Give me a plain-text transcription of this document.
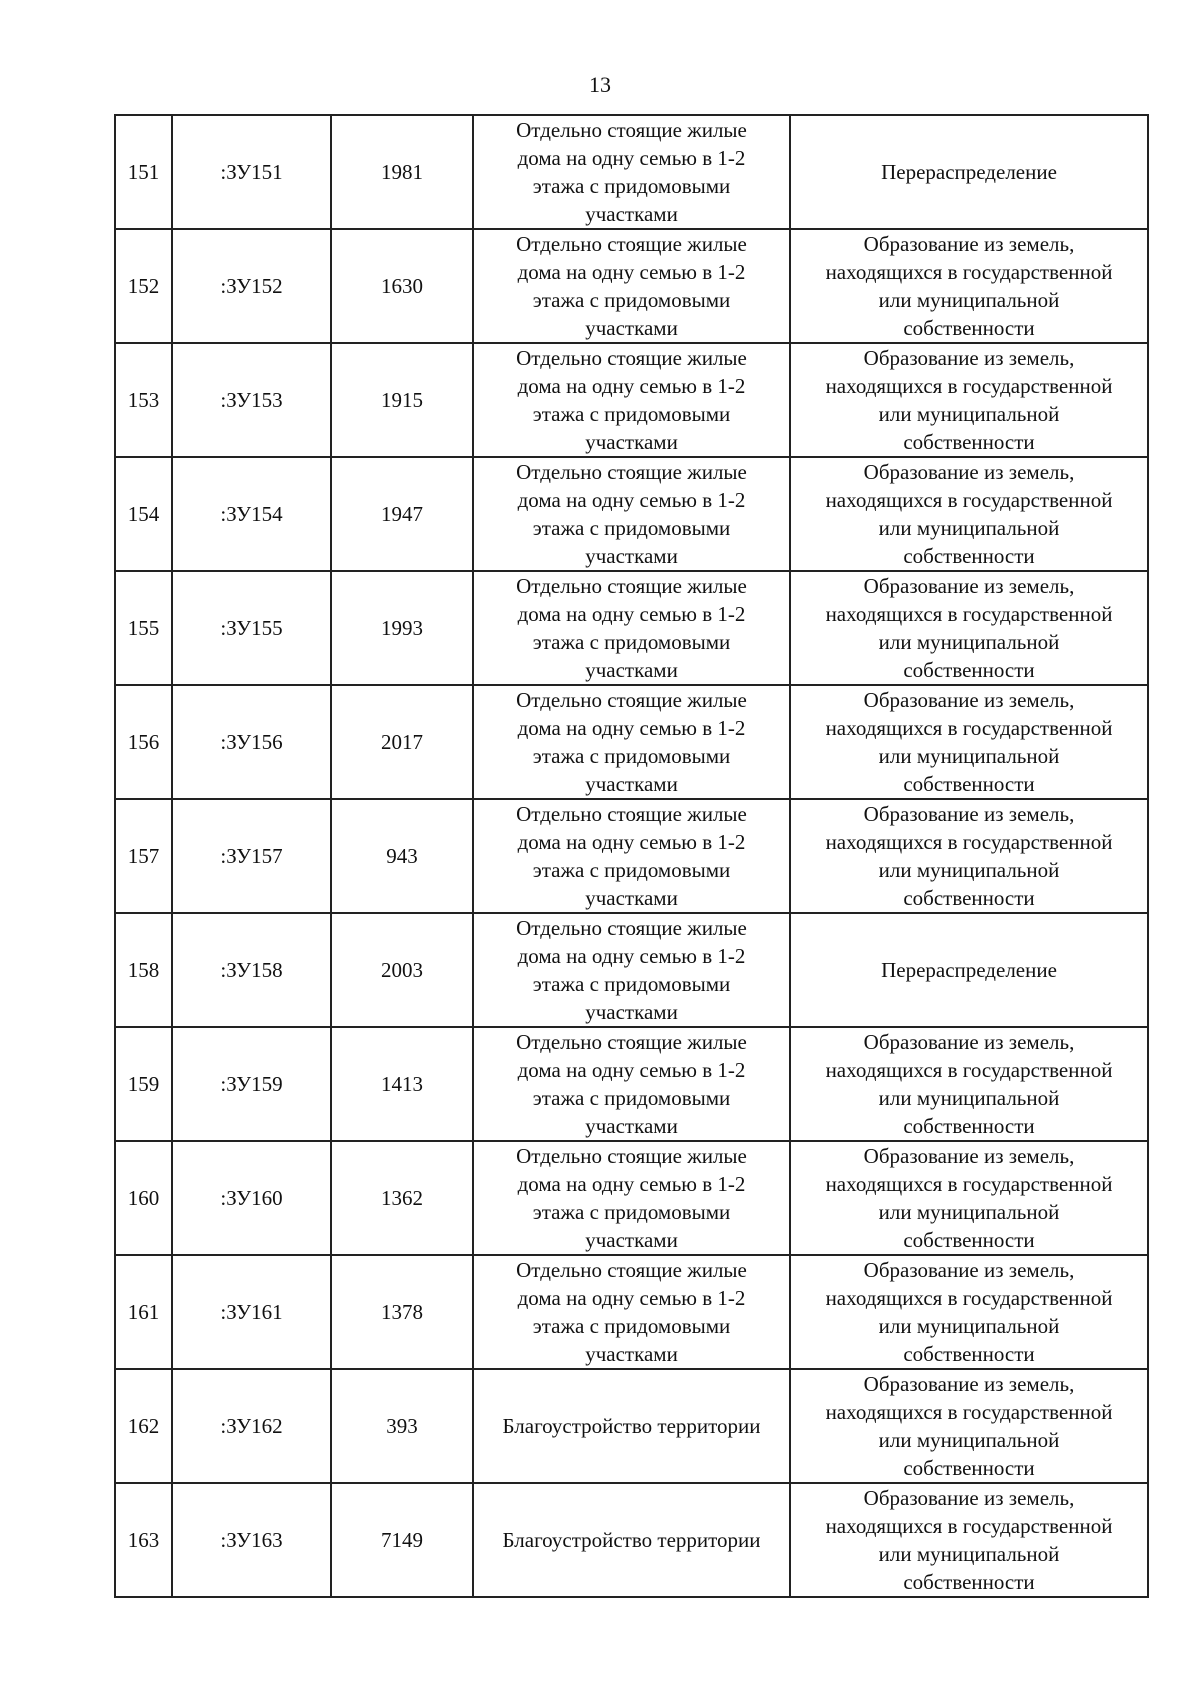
13
151	:ЗУ151	1981	Отдельно стоящие жилые
дома на одну семью в 1-2
этажа с придомовыми
участками	Перераспределение

152	:ЗУ152	1630	Отдельно стоящие жилые
дома на одну семью в 1-2
этажа с придомовыми
участками	Образование из земель,
находящихся в государственной
или муниципальной
собственности

153	:ЗУ153	1915	Отдельно стоящие жилые
дома на одну семью в 1-2
этажа с придомовыми
участками	Образование из земель,
находящихся в государственной
или муниципальной
собственности

154	:ЗУ154	1947	Отдельно стоящие жилые
дома на одну семью в 1-2
этажа с придомовыми
участками	Образование из земель,
находящихся в государственной
или муниципальной
собственности

155	:ЗУ155	1993	Отдельно стоящие жилые
дома на одну семью в 1-2
этажа с придомовыми
участками	Образование из земель,
находящихся в государственной
или муниципальной
собственности

156	:ЗУ156	2017	Отдельно стоящие жилые
дома на одну семью в 1-2
этажа с придомовыми
участками	Образование из земель,
находящихся в государственной
или муниципальной
собственности

157	:ЗУ157	943	Отдельно стоящие жилые
дома на одну семью в 1-2
этажа с придомовыми
участками	Образование из земель,
находящихся в государственной
или муниципальной
собственности

158	:ЗУ158	2003	Отдельно стоящие жилые
дома на одну семью в 1-2
этажа с придомовыми
участками	Перераспределение

159	:ЗУ159	1413	Отдельно стоящие жилые
дома на одну семью в 1-2
этажа с придомовыми
участками	Образование из земель,
находящихся в государственной
или муниципальной
собственности

160	:ЗУ160	1362	Отдельно стоящие жилые
дома на одну семью в 1-2
этажа с придомовыми
участками	Образование из земель,
находящихся в государственной
или муниципальной
собственности

161	:ЗУ161	1378	Отдельно стоящие жилые
дома на одну семью в 1-2
этажа с придомовыми
участками	Образование из земель,
находящихся в государственной
или муниципальной
собственности

162	:ЗУ162	393	Благоустройство территории	Образование из земель,
находящихся в государственной
или муниципальной
собственности

163	:ЗУ163	7149	Благоустройство территории	Образование из земель,
находящихся в государственной
или муниципальной
собственности
